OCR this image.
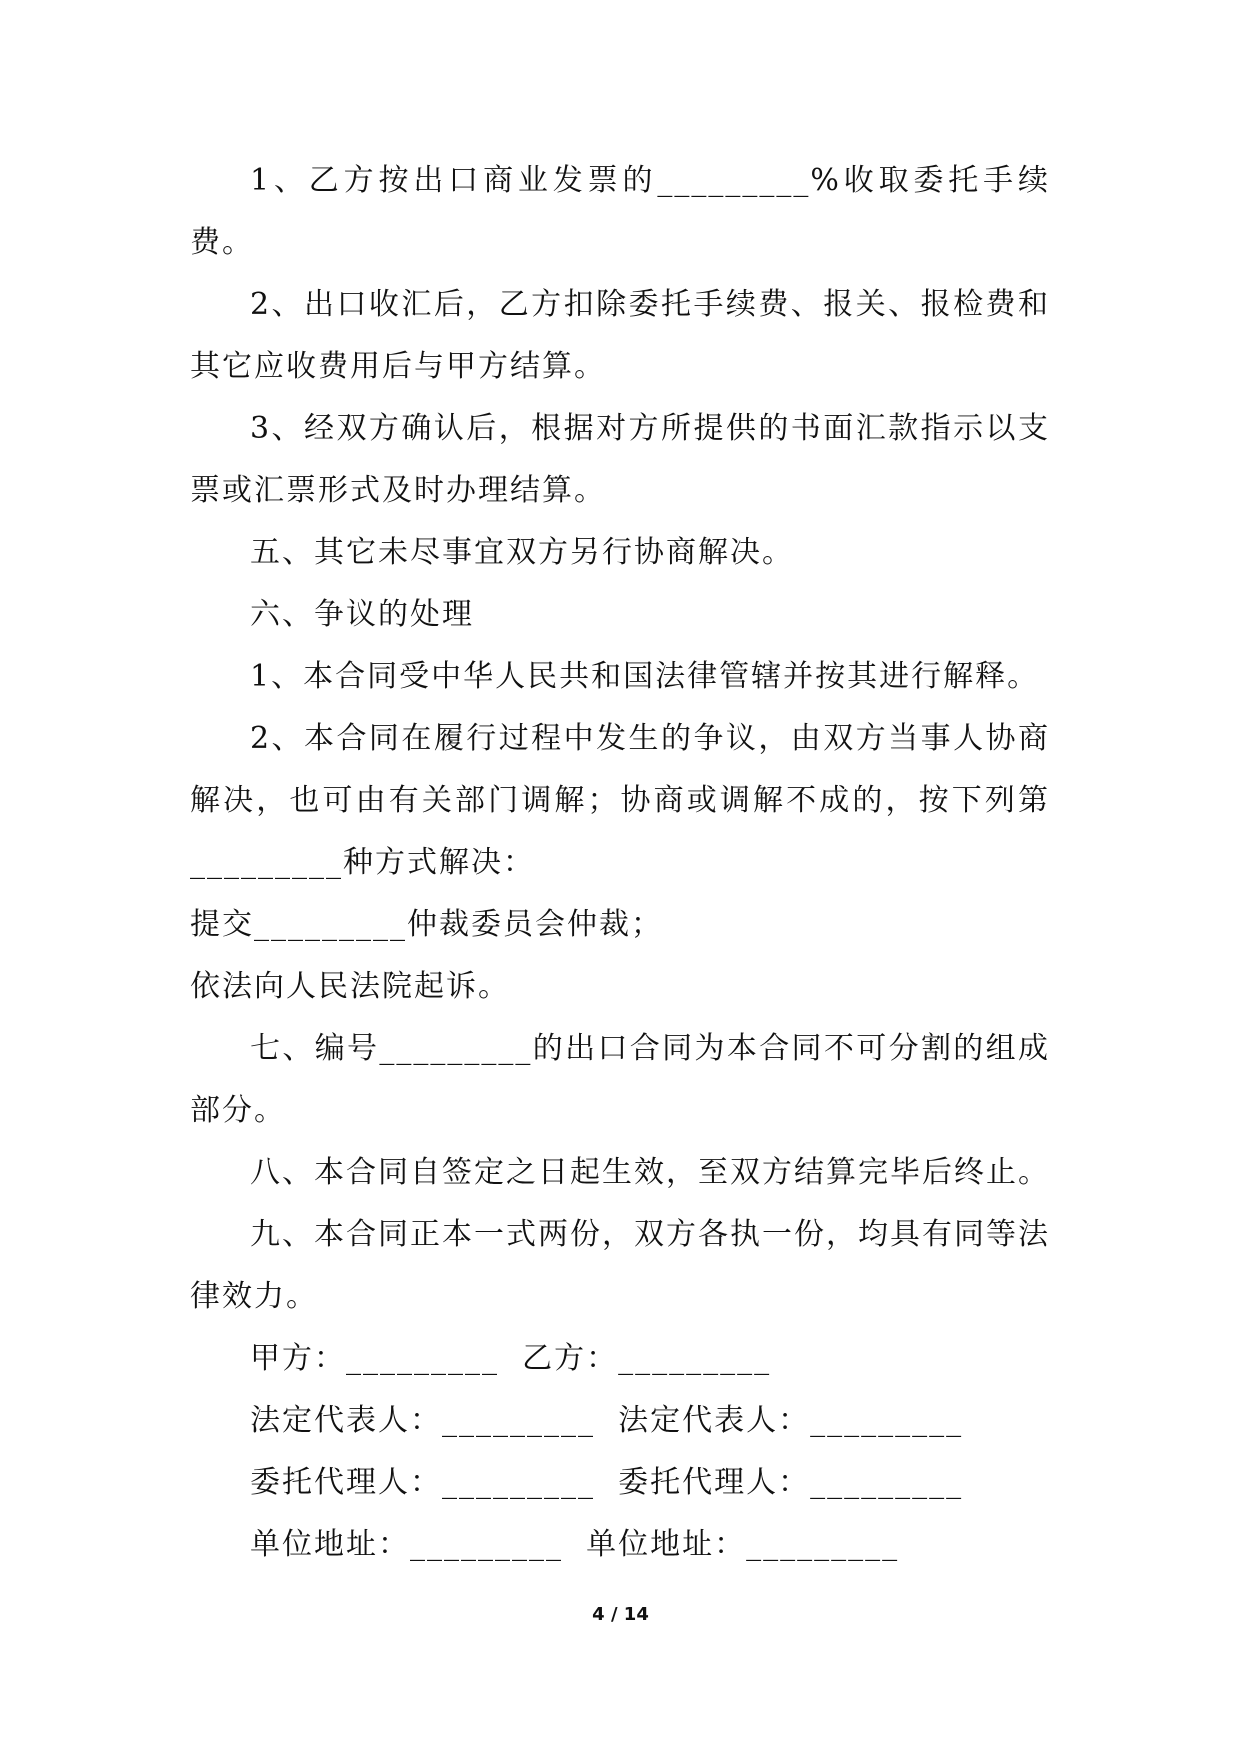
1、乙方按出口商业发票的_________%收取委托手续费。

2、出口收汇后，乙方扣除委托手续费、报关、报检费和其它应收费用后与甲方结算。

3、经双方确认后，根据对方所提供的书面汇款指示以支票或汇票形式及时办理结算。

五、其它未尽事宜双方另行协商解决。

六、争议的处理

1、本合同受中华人民共和国法律管辖并按其进行解释。

2、本合同在履行过程中发生的争议，由双方当事人协商解决，也可由有关部门调解；协商或调解不成的，按下列第_________种方式解决：

提交_________仲裁委员会仲裁；

依法向人民法院起诉。

七、编号_________的出口合同为本合同不可分割的组成部分。

八、本合同自签定之日起生效，至双方结算完毕后终止。

九、本合同正本一式两份，双方各执一份，均具有同等法律效力。

甲方：_________  乙方：_________

法定代表人：_________  法定代表人：_________

委托代理人：_________  委托代理人：_________

单位地址：_________  单位地址：_________

4 / 14
